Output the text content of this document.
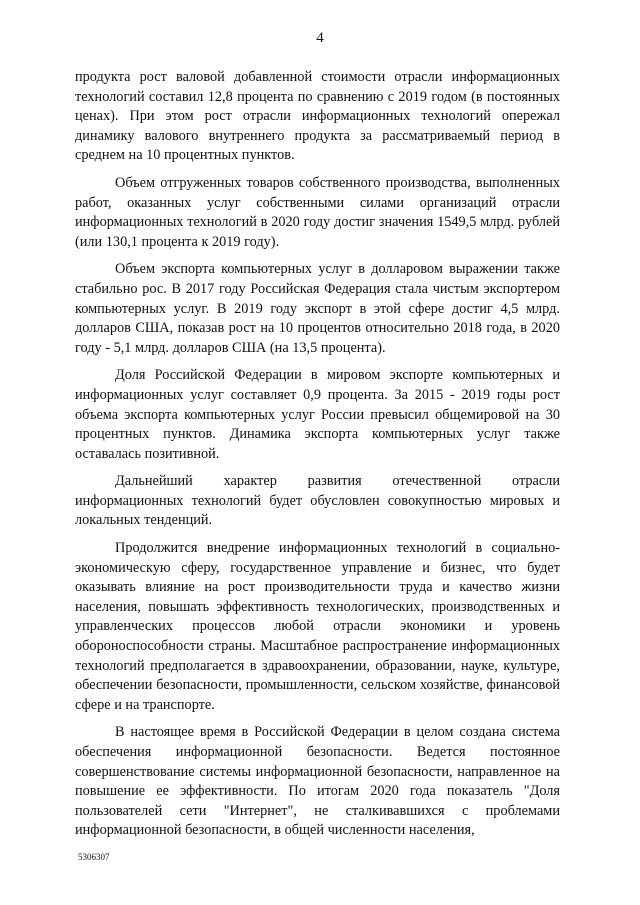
4

продукта рост валовой добавленной стоимости отрасли информационных технологий составил 12,8 процента по сравнению с 2019 годом (в постоянных ценах). При этом рост отрасли информационных технологий опережал динамику валового внутреннего продукта за рассматриваемый период в среднем на 10 процентных пунктов.

Объем отгруженных товаров собственного производства, выполненных работ, оказанных услуг собственными силами организаций отрасли информационных технологий в 2020 году достиг значения 1549,5 млрд. рублей (или 130,1 процента к 2019 году).

Объем экспорта компьютерных услуг в долларовом выражении также стабильно рос. В 2017 году Российская Федерация стала чистым экспортером компьютерных услуг. В 2019 году экспорт в этой сфере достиг 4,5 млрд. долларов США, показав рост на 10 процентов относительно 2018 года, в 2020 году - 5,1 млрд. долларов США (на 13,5 процента).

Доля Российской Федерации в мировом экспорте компьютерных и информационных услуг составляет 0,9 процента. За 2015 - 2019 годы рост объема экспорта компьютерных услуг России превысил общемировой на 30 процентных пунктов. Динамика экспорта компьютерных услуг также оставалась позитивной.

Дальнейший характер развития отечественной отрасли информационных технологий будет обусловлен совокупностью мировых и локальных тенденций.

Продолжится внедрение информационных технологий в социально-экономическую сферу, государственное управление и бизнес, что будет оказывать влияние на рост производительности труда и качество жизни населения, повышать эффективность технологических, производственных и управленческих процессов любой отрасли экономики и уровень обороноспособности страны. Масштабное распространение информационных технологий предполагается в здравоохранении, образовании, науке, культуре, обеспечении безопасности, промышленности, сельском хозяйстве, финансовой сфере и на транспорте.

В настоящее время в Российской Федерации в целом создана система обеспечения информационной безопасности. Ведется постоянное совершенствование системы информационной безопасности, направленное на повышение ее эффективности. По итогам 2020 года показатель "Доля пользователей сети "Интернет", не сталкивавшихся с проблемами информационной безопасности, в общей численности населения,

5306307
